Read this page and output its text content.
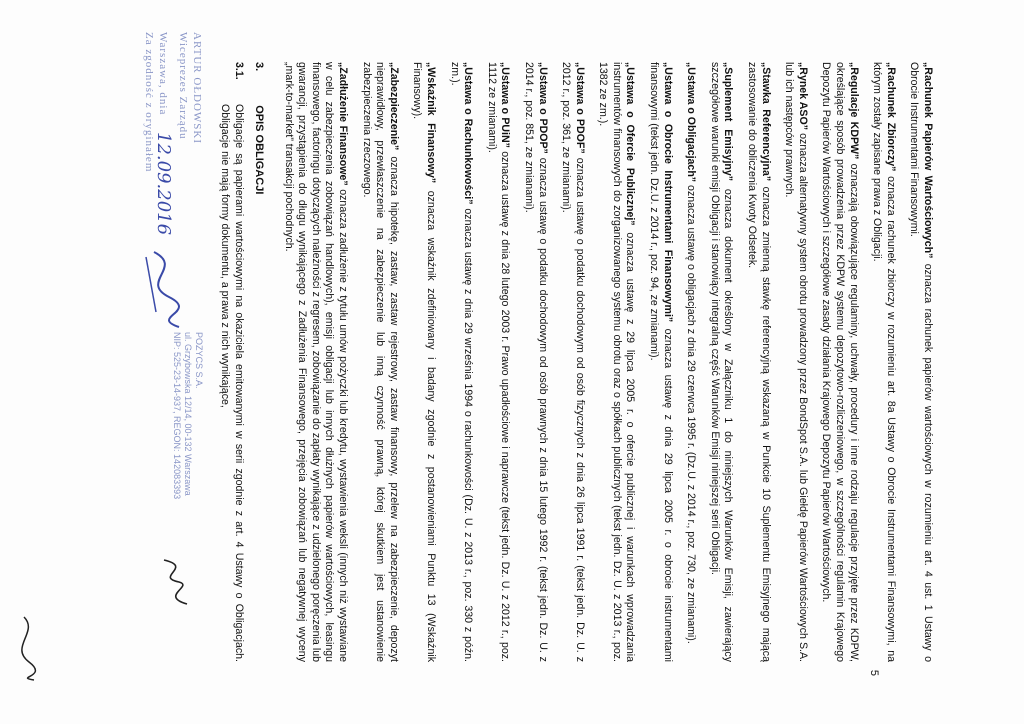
5

„Rachunek Papierów Wartościowych” oznacza rachunek papierów wartościowych w rozumieniu art. 4 ust. 1 Ustawy o Obrocie Instrumentami Finansowymi.

„Rachunek Zbiorczy” oznacza rachunek zbiorczy w rozumieniu art. 8a Ustawy o Obrocie Instrumentami Finansowymi, na którym zostały zapisane prawa z Obligacji.

„Regulacje KDPW” oznaczają obowiązujące regulaminy, uchwały, procedury i inne rodzaju regulacje przyjęte przez KDPW, określające sposób prowadzenia przez KDPW systemu depozytowo-rozliczeniowego, w szczególności regulamin Krajowego Depozytu Papierów Wartościowych i szczegółowe zasady działania Krajowego Depozytu Papierów Wartościowych.

„Rynek ASO” oznacza alternatywny system obrotu prowadzony przez BondSpot S.A. lub Giełdę Papierów Wartościowych S.A. lub ich następców prawnych.

„Stawka Referencyjna” oznacza zmienną stawkę referencyjną wskazaną w Punkcie 10 Suplementu Emisyjnego mającą zastosowanie do obliczenia Kwoty Odsetek.

„Suplement Emisyjny” oznacza dokument określony w Załączniku 1 do niniejszych Warunków Emisji, zawierający szczegółowe warunki emisji Obligacji i stanowiący integralną część Warunków Emisji niniejszej serii Obligacji.

„Ustawa o Obligacjach” oznacza ustawę o obligacjach z dnia 29 czerwca 1995 r. (Dz.U. z 2014 r., poz. 730, ze zmianami).

„Ustawa o Obrocie Instrumentami Finansowymi” oznacza ustawę z dnia 29 lipca 2005 r. o obrocie instrumentami finansowymi (tekst jedn. Dz.U. z 2014 r., poz. 94, ze zmianami).

„Ustawa o Ofercie Publicznej” oznacza ustawę z 29 lipca 2005 r. o ofercie publicznej i warunkach wprowadzania instrumentów finansowych do zorganizowanego systemu obrotu oraz o spółkach publicznych (tekst jedn. Dz. U. z 2013 r., poz. 1382 ze zm.).

„Ustawa o PDOF” oznacza ustawę o podatku dochodowym od osób fizycznych z dnia 26 lipca 1991 r. (tekst jedn. Dz. U. z 2012 r., poz. 361, ze zmianami).

„Ustawa o PDOP” oznacza ustawę o podatku dochodowym od osób prawnych z dnia 15 lutego 1992 r. (tekst jedn. Dz. U. z 2014 r., poz. 851, ze zmianami).

„Ustawa o PUiN” oznacza ustawę z dnia 28 lutego 2003 r. Prawo upadłościowe i naprawcze (tekst jedn. Dz. U. z 2012 r., poz. 1112 ze zmianami).

„Ustawa o Rachunkowości” oznacza ustawę z dnia 29 września 1994 o rachunkowości (Dz. U. z 2013 r., poz. 330 z późn. zm.).

„Wskaźnik Finansowy” oznacza wskaźnik zdefiniowany i badany zgodnie z postanowieniami Punktu 13 (Wskaźnik Finansowy).

„Zabezpieczenie” oznacza hipotekę, zastaw, zastaw rejestrowy, zastaw finansowy, przelew na zabezpieczenie, depozyt nieprawidłowy, przewłaszczenie na zabezpieczenie lub inną czynność prawną, której skutkiem jest ustanowienie zabezpieczenia rzeczowego.

„Zadłużenie Finansowe” oznacza zadłużenie z tytułu umów pożyczki lub kredytu, wystawienia weksli (innych niż wystawiane w celu zabezpieczenia zobowiązań handlowych), emisji obligacji lub innych dłużnych papierów wartościowych, leasingu finansowego, factoringu dotyczących należności z regresem, zobowiązanie do zapłaty wynikające z udzielonego poręczenia lub gwarancji, przystąpienia do długu wynikającego z Zadłużenia Finansowego, przejęcia zobowiązań lub negatywnej wyceny „mark-to-market” transakcji pochodnych.

3.
OPIS OBLIGACJI
3.1.
Obligacje są papierami wartościowymi na okaziciela emitowanymi w serii zgodnie z art. 4 Ustawy o Obligacjach. Obligacje nie mają formy dokumentu, a prawa z nich wynikające,
ARTUR OŁDOWSKI
Wiceprezes Zarządu
Warszawa, dnia
Za zgodność z oryginałem
12.09.2016
POZYCS S.A.
ul. Grzybowska 12/14, 00-132 Warszawa
NIP: 525-23-14-937, REGON: 142083393
